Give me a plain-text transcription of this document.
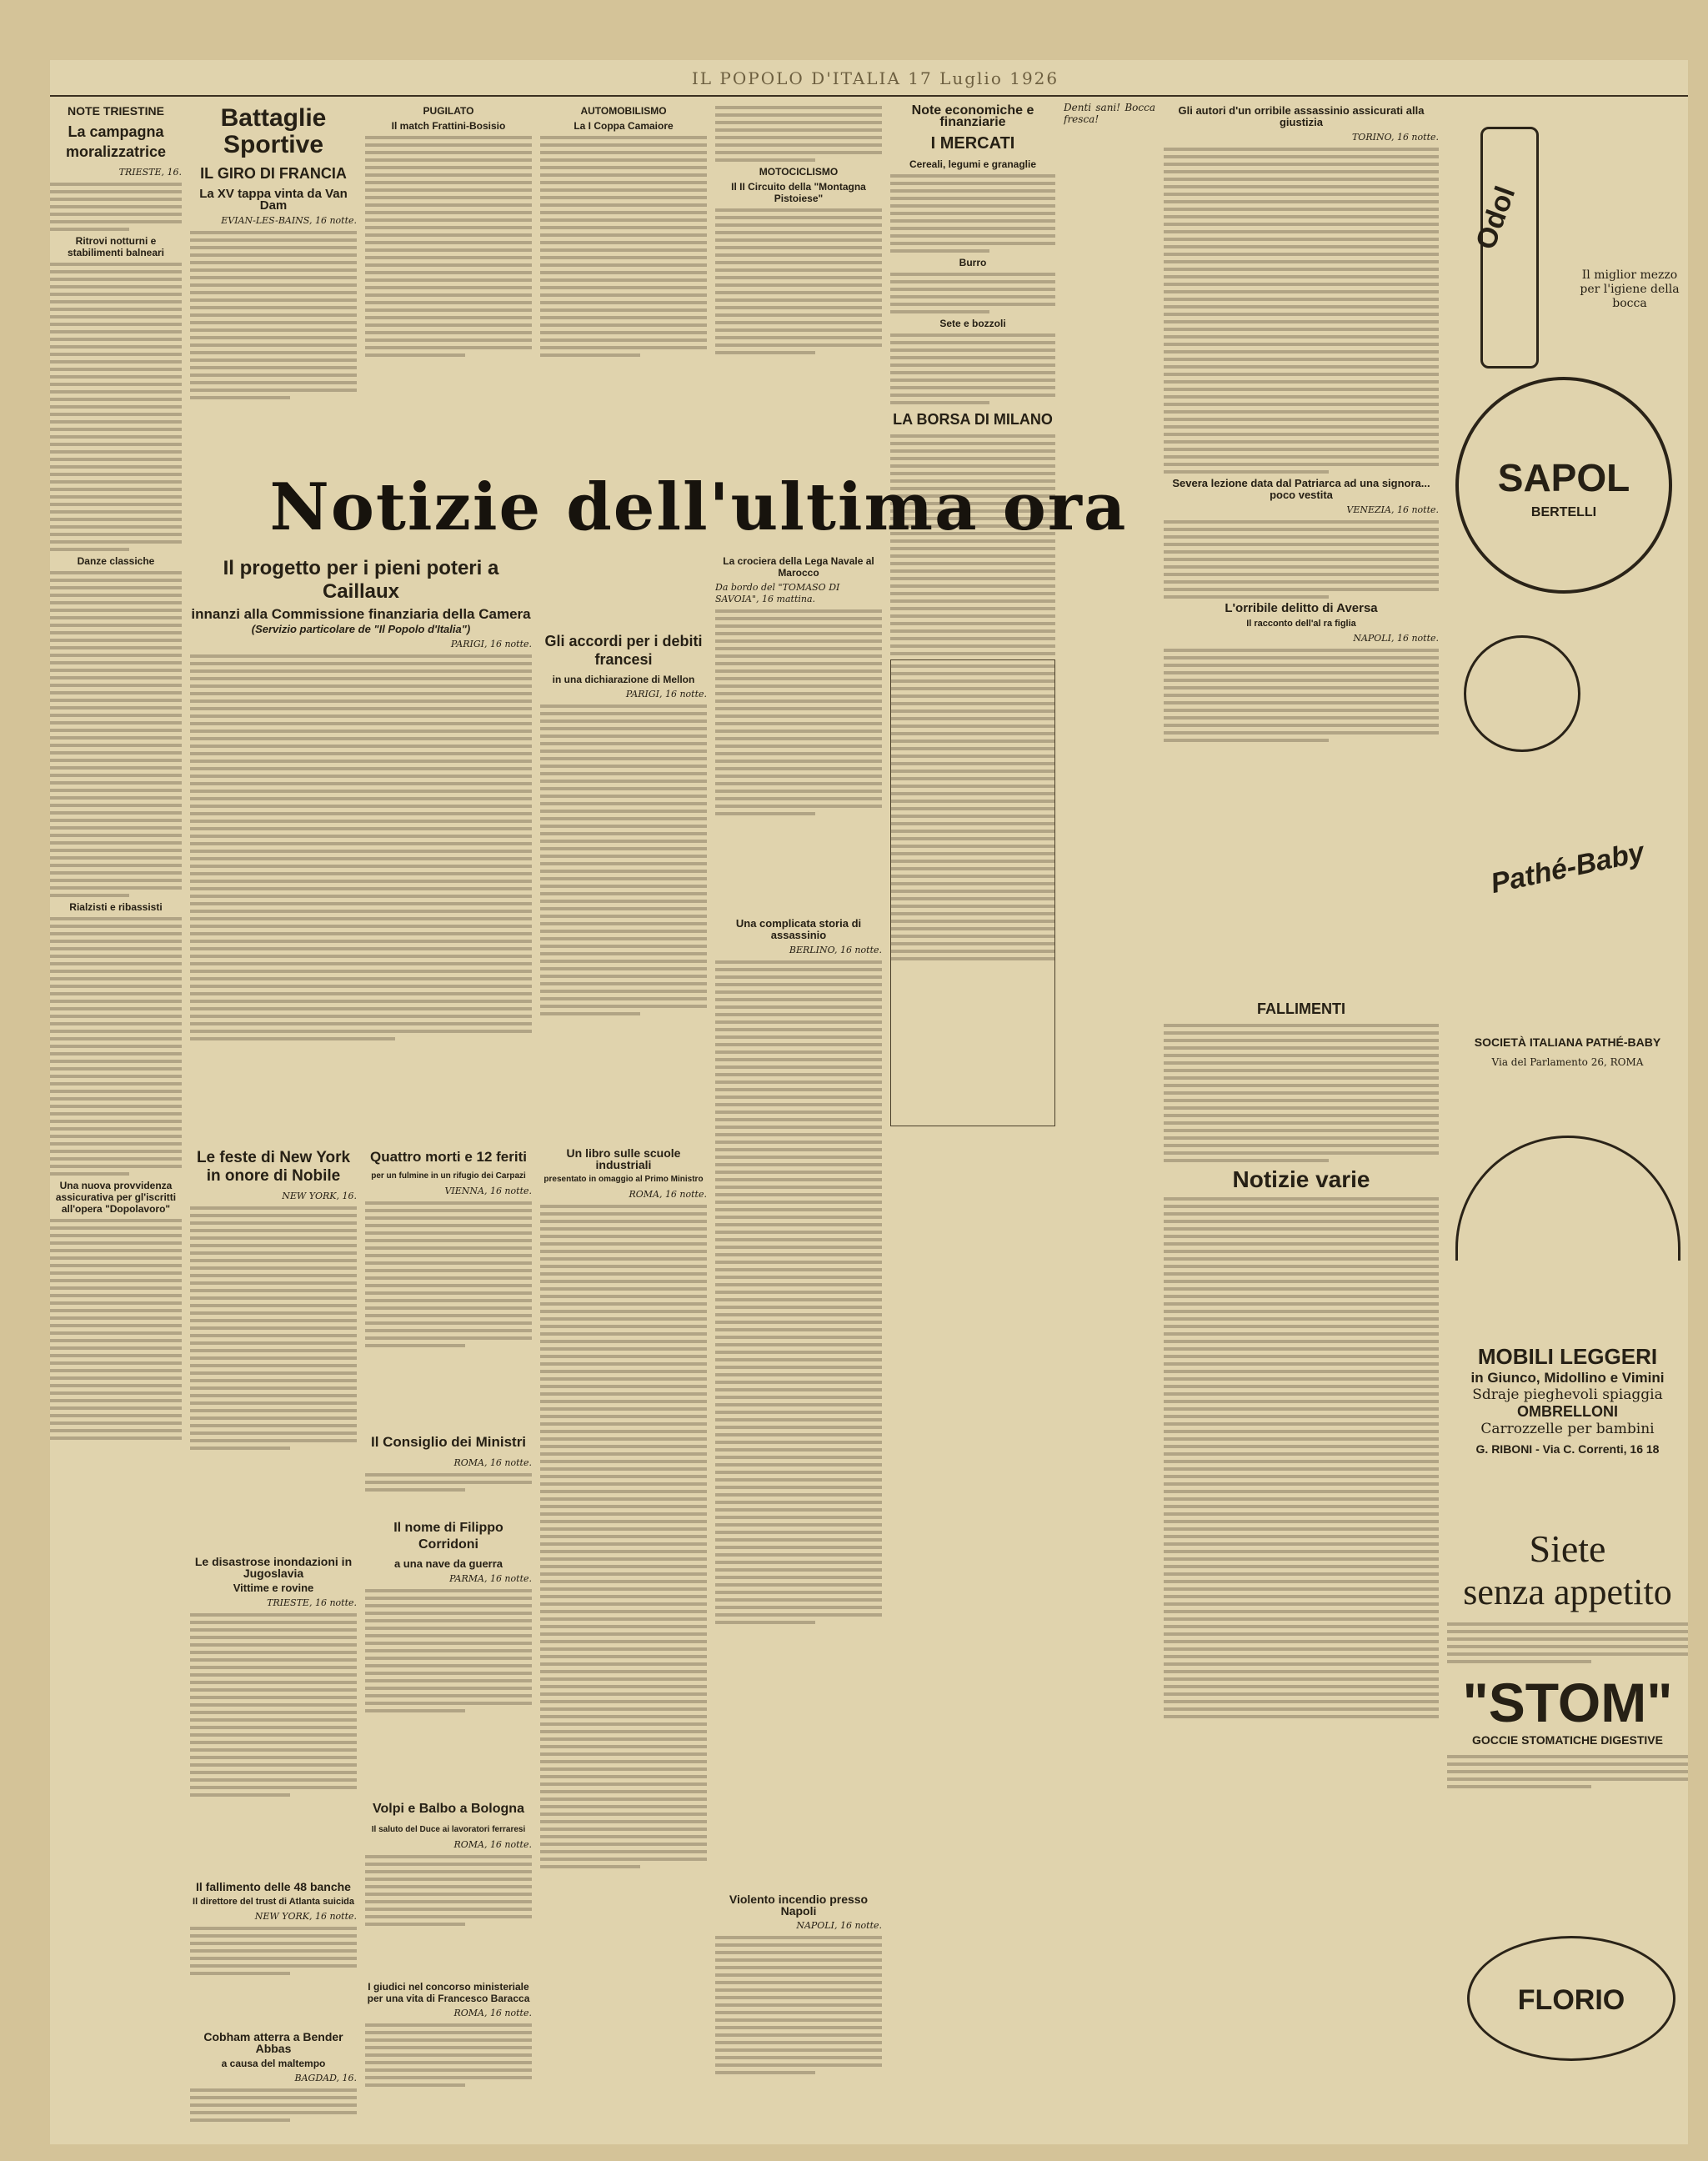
IL POPOLO D'ITALIA 17 Luglio 1926
NOTE TRIESTINE
La campagna moralizzatrice
TRIESTE, 16.
Ritrovi notturni e stabilimenti balneari
Danze classiche
Rialzisti e ribassisti
Una nuova provvidenza assicurativa per gl'iscritti all'opera "Dopolavoro"
Battaglie Sportive
IL GIRO DI FRANCIA
La XV tappa vinta da Van Dam
EVIAN-LES-BAINS, 16 notte.
PUGILATO
Il match Frattini-Bosisio
AUTOMOBILISMO
La I Coppa Camaiore
MOTOCICLISMO
Il II Circuito della "Montagna Pistoiese"
Note economiche e finanziarie
I MERCATI
Cereali, legumi e granaglie
Burro
Sete e bozzoli
LA BORSA DI MILANO
FALLIMENTI
Notizie varie
Notizie dell'ultima ora
Il progetto per i pieni poteri a Caillaux
innanzi alla Commissione finanziaria della Camera
(Servizio particolare de "Il Popolo d'Italia")
PARIGI, 16 notte. Gli accordi per i debiti francesi
in una dichiarazione di Mellon
PARIGI, 16 notte.
La crociera della Lega Navale al Marocco
Da bordo del "TOMASO DI SAVOIA", 16 mattina.
Una complicata storia di assassinio
BERLINO, 16 notte.
Le feste di New York in onore di Nobile
NEW YORK, 16.
Le disastrose inondazioni in Jugoslavia
Vittime e rovine
TRIESTE, 16 notte.
Il fallimento delle 48 banche
Il direttore del trust di Atlanta suicida
NEW YORK, 16 notte.
Cobham atterra a Bender Abbas
a causa del maltempo
BAGDAD, 16.
Quattro morti e 12 feriti
per un fulmine in un rifugio dei Carpazi
VIENNA, 16 notte.
Il Consiglio dei Ministri
ROMA, 16 notte.
Il nome di Filippo Corridoni
a una nave da guerra
PARMA, 16 notte.
Volpi e Balbo a Bologna
Il saluto del Duce ai lavoratori ferraresi
ROMA, 16 notte.
I giudici nel concorso ministeriale per una vita di Francesco Baracca
ROMA, 16 notte.
Un libro sulle scuole industriali
presentato in omaggio al Primo Ministro
ROMA, 16 notte.
Violento incendio presso Napoli
NAPOLI, 16 notte.
Denti sani! Bocca fresca!
Gli autori d'un orribile assassinio assicurati alla giustizia
TORINO, 16 notte.
Severa lezione data dal Patriarca ad una signora... poco vestita
VENEZIA, 16 notte.
L'orribile delitto di Aversa
Il racconto dell'al ra figlia
NAPOLI, 16 notte.
Odol
Il miglior mezzo per l'igiene della bocca
SAPOL
BERTELLI
Pathé-Baby
SOCIETÀ ITALIANA PATHÉ-BABY
Via del Parlamento 26, ROMA
MOBILI LEGGERI
in Giunco, Midollino e Vimini
Sdraje pieghevoli spiaggia
OMBRELLONI
Carrozzelle per bambini
G. RIBONI - Via C. Correnti, 16 18
Siete
senza appetito
"STOM"
GOCCIE STOMATICHE DIGESTIVE
FLORIO
